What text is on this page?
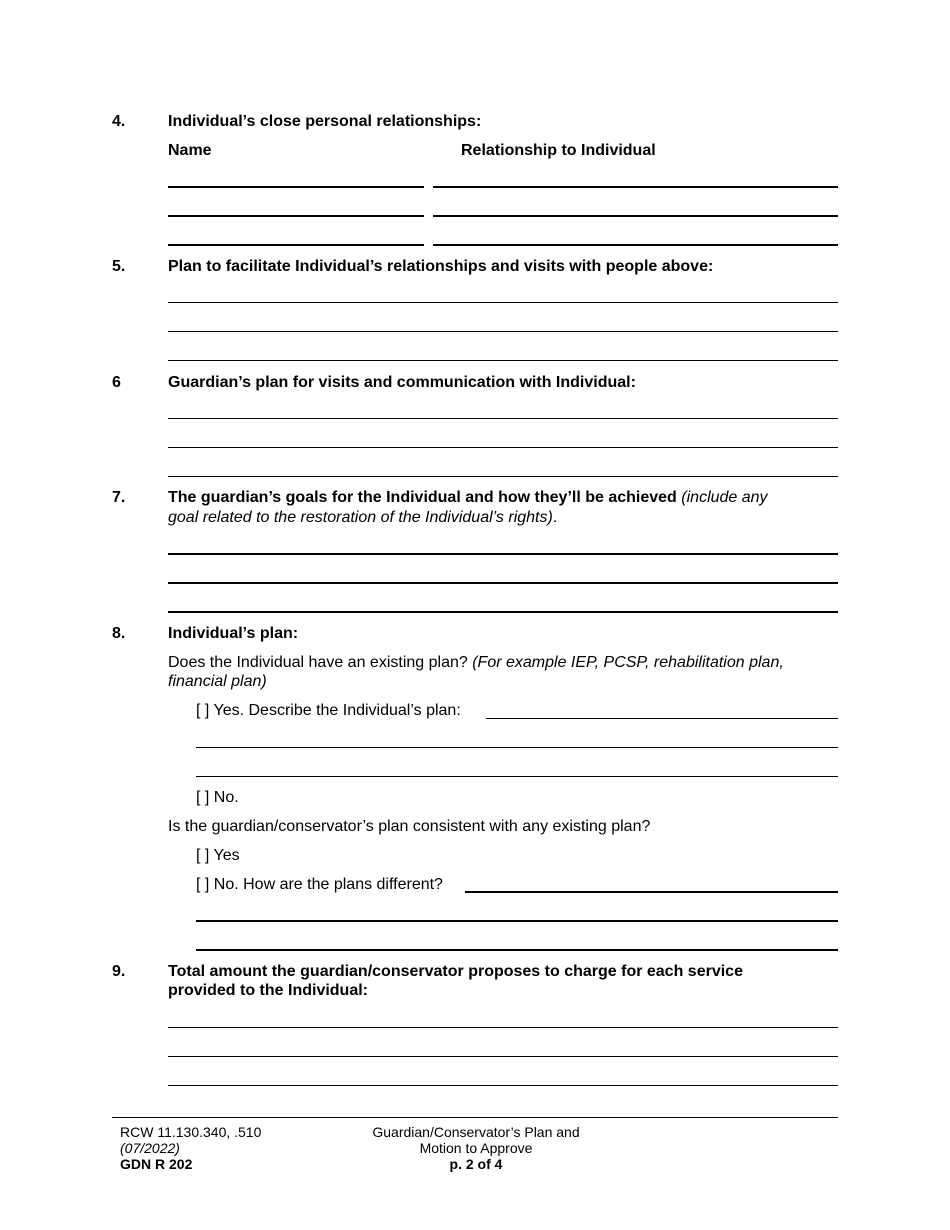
4.	Individual’s close personal relationships:
Name	Relationship to Individual
5.	Plan to facilitate Individual’s relationships and visits with people above:
6	Guardian’s plan for visits and communication with Individual:
7.	The guardian’s goals for the Individual and how they’ll be achieved (include any
goal related to the restoration of the Individual’s rights).
8.	Individual’s plan:
Does the Individual have an existing plan? (For example IEP, PCSP, rehabilitation plan,
financial plan)
[ ] Yes. Describe the Individual’s plan:
[ ] No.
Is the guardian/conservator’s plan consistent with any existing plan?
[ ] Yes
[ ] No. How are the plans different?
9.	Total amount the guardian/conservator proposes to charge for each service
provided to the Individual:
RCW 11.130.340, .510
(07/2022)
GDN R 202
Guardian/Conservator’s Plan and
Motion to Approve
p. 2 of 4
